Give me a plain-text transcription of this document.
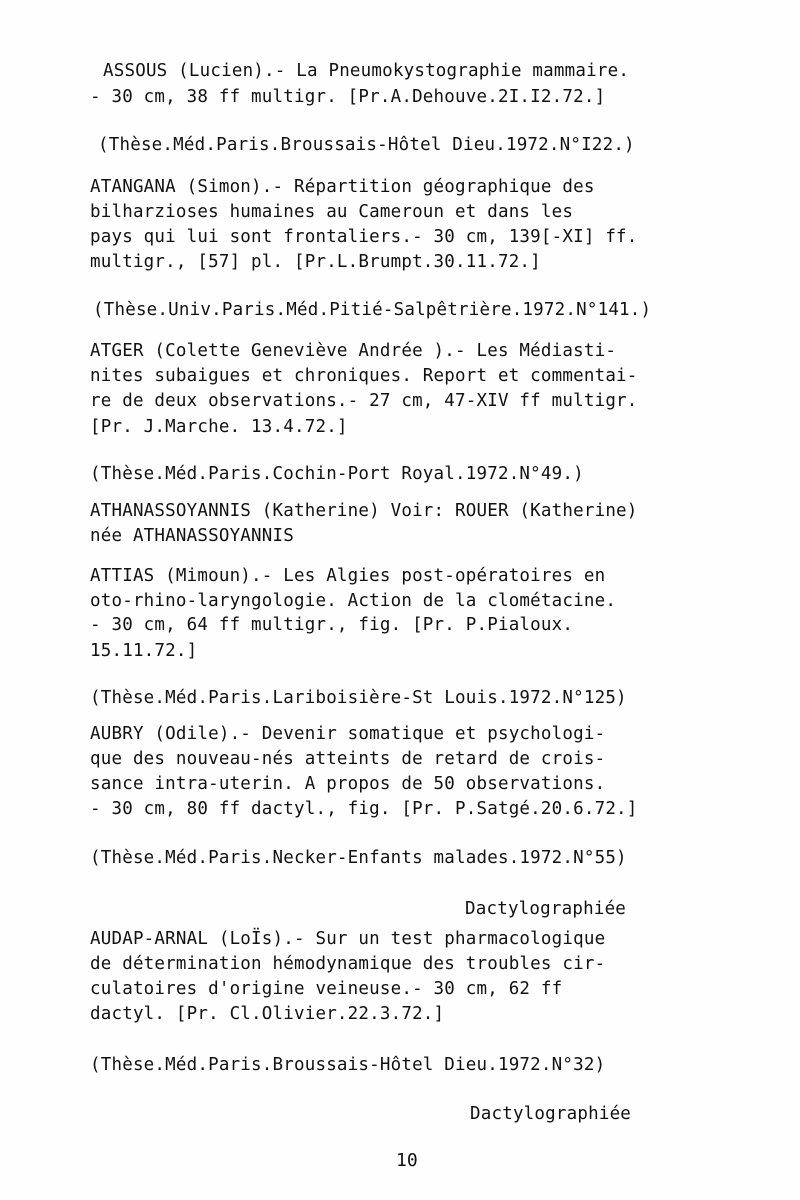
ASSOUS (Lucien).- La Pneumokystographie mammaire.
- 30 cm, 38 ff multigr. [Pr.A.Dehouve.2I.I2.72.]
(Thèse.Méd.Paris.Broussais-Hôtel Dieu.1972.N°I22.)
ATANGANA (Simon).- Répartition géographique des
bilharzioses humaines au Cameroun et dans les
pays qui lui sont frontaliers.- 30 cm, 139[-XI] ff.
multigr., [57] pl. [Pr.L.Brumpt.30.11.72.]
(Thèse.Univ.Paris.Méd.Pitié-Salpêtrière.1972.N°141.)
ATGER (Colette Geneviève Andrée ).- Les Médiasti-
nites subaigues et chroniques. Report et commentai-
re de deux observations.- 27 cm, 47-XIV ff multigr.
[Pr. J.Marche. 13.4.72.]
(Thèse.Méd.Paris.Cochin-Port Royal.1972.N°49.)
ATHANASSOYANNIS (Katherine) Voir: ROUER (Katherine)
née ATHANASSOYANNIS
ATTIAS (Mimoun).- Les Algies post-opératoires en
oto-rhino-laryngologie. Action de la clométacine.
- 30 cm, 64 ff multigr., fig. [Pr. P.Pialoux.
15.11.72.]
(Thèse.Méd.Paris.Lariboisière-St Louis.1972.N°125)
AUBRY (Odile).- Devenir somatique et psychologi-
que des nouveau-nés atteints de retard de crois-
sance intra-uterin. A propos de 50 observations.
- 30 cm, 80 ff dactyl., fig. [Pr. P.Satgé.20.6.72.]
(Thèse.Méd.Paris.Necker-Enfants malades.1972.N°55)
Dactylographiée
AUDAP-ARNAL (LoÏs).- Sur un test pharmacologique
de détermination hémodynamique des troubles cir-
culatoires d'origine veineuse.- 30 cm, 62 ff
dactyl. [Pr. Cl.Olivier.22.3.72.]
(Thèse.Méd.Paris.Broussais-Hôtel Dieu.1972.N°32)
Dactylographiée
10
